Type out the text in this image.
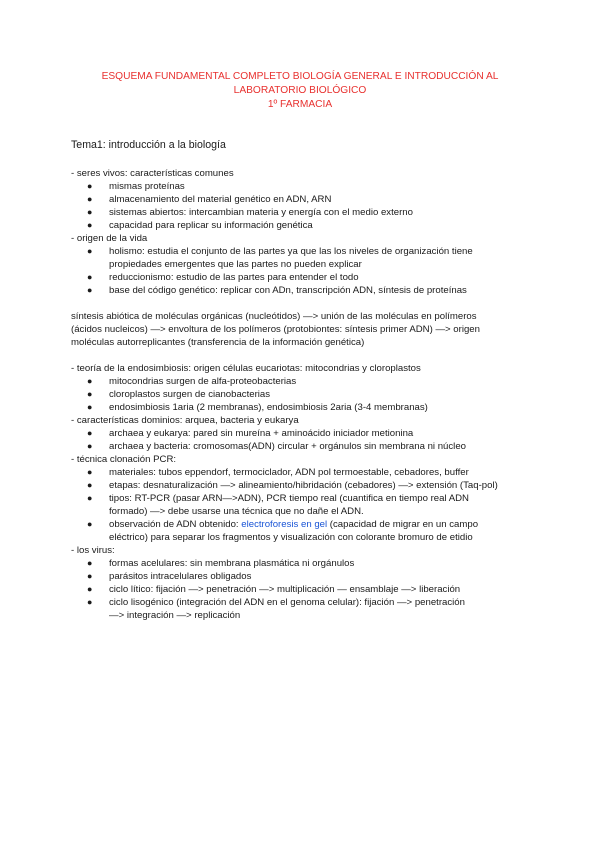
ESQUEMA FUNDAMENTAL COMPLETO BIOLOGÍA GENERAL E INTRODUCCIÓN AL
LABORATORIO BIOLÓGICO
1º FARMACIA
Tema1: introducción a la biología
- seres vivos: características comunes
● mismas proteínas
● almacenamiento del material genético en ADN, ARN
● sistemas abiertos: intercambian materia y energía con el medio externo
● capacidad para replicar su información genética
- origen de la vida
● holismo: estudia el conjunto de las partes ya que las los niveles de organización tiene
propiedades emergentes que las partes no pueden explicar
● reduccionismo: estudio de las partes para entender el todo
● base del código genético: replicar con ADn, transcripción ADN, síntesis de proteínas
síntesis abiótica de moléculas orgánicas (nucleótidos) —> unión de las moléculas en polímeros
(ácidos nucleicos) —> envoltura de los polímeros (protobiontes: síntesis primer ADN) —> origen
moléculas autorreplicantes (transferencia de la información genética)
- teoría de la endosimbiosis: origen células eucariotas: mitocondrias y cloroplastos
● mitocondrias surgen de alfa-proteobacterias
● cloroplastos surgen de cianobacterias
● endosimbiosis 1aria (2 membranas), endosimbiosis 2aria (3-4 membranas)
- características dominios: arquea, bacteria y eukarya
● archaea y eukarya: pared sin mureína + aminoácido iniciador metionina
● archaea y bacteria: cromosomas(ADN) circular + orgánulos sin membrana ni núcleo
- técnica clonación PCR:
● materiales: tubos eppendorf, termociclador, ADN pol termoestable, cebadores, buffer
● etapas: desnaturalización —> alineamiento/hibridación (cebadores) —> extensión (Taq-pol)
● tipos: RT-PCR (pasar ARN—>ADN), PCR tiempo real (cuantifica en tiempo real ADN
formado) —> debe usarse una técnica que no dañe el ADN.
● observación de ADN obtenido: electroforesis en gel (capacidad de migrar en un campo
eléctrico) para separar los fragmentos y visualización con colorante bromuro de etidio
- los virus:
● formas acelulares: sin membrana plasmática ni orgánulos
● parásitos intracelulares obligados
● ciclo lítico: fijación —> penetración —> multiplicación — ensamblaje —> liberación
● ciclo lisogénico (integración del ADN en el genoma celular): fijación —> penetración
—> integración —> replicación
